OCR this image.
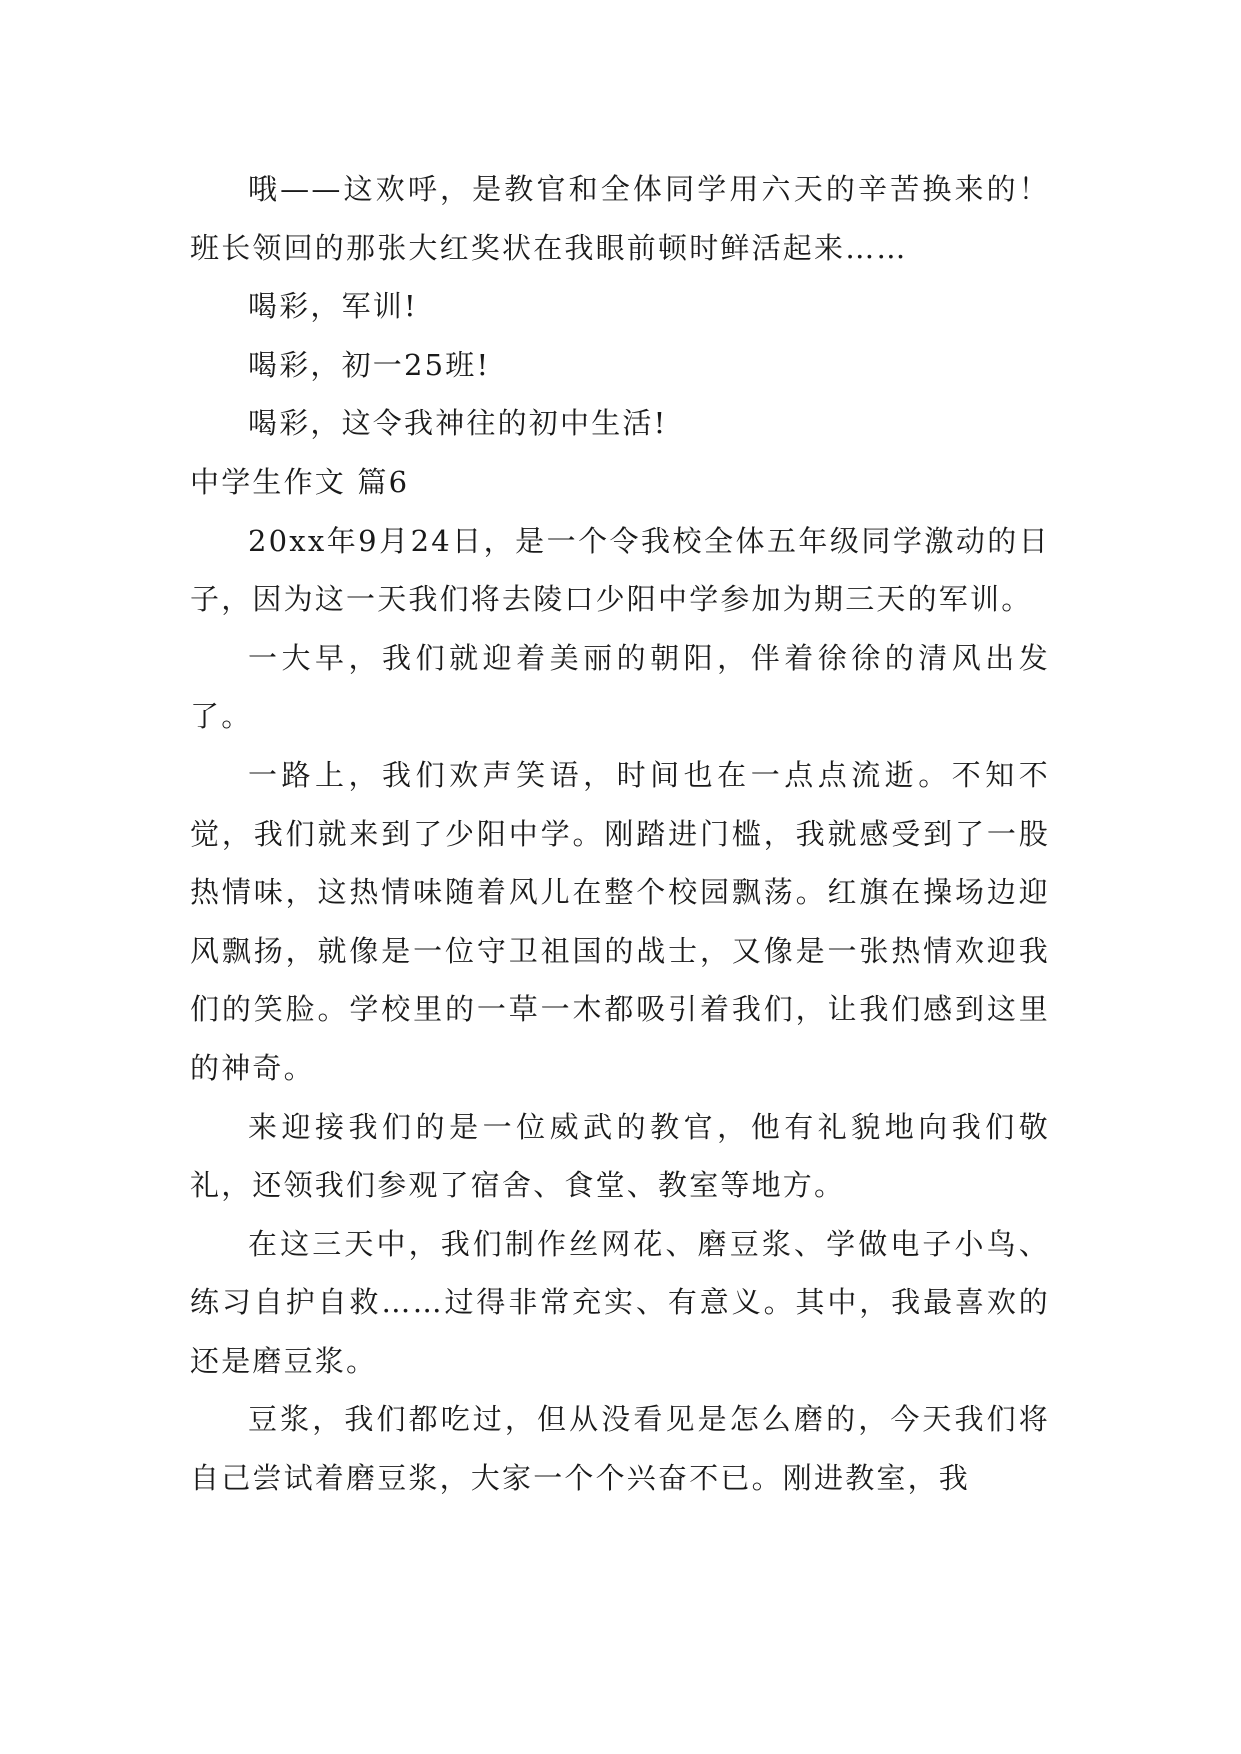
哦——这欢呼，是教官和全体同学用六天的辛苦换来的！班长领回的那张大红奖状在我眼前顿时鲜活起来……

喝彩，军训!

喝彩，初一25班!

喝彩，这令我神往的初中生活!

中学生作文 篇6

20xx年9月24日，是一个令我校全体五年级同学激动的日子，因为这一天我们将去陵口少阳中学参加为期三天的军训。

一大早，我们就迎着美丽的朝阳，伴着徐徐的清风出发了。

一路上，我们欢声笑语，时间也在一点点流逝。不知不觉，我们就来到了少阳中学。刚踏进门槛，我就感受到了一股热情味，这热情味随着风儿在整个校园飘荡。红旗在操场边迎风飘扬，就像是一位守卫祖国的战士，又像是一张热情欢迎我们的笑脸。学校里的一草一木都吸引着我们，让我们感到这里的神奇。

来迎接我们的是一位威武的教官，他有礼貌地向我们敬礼，还领我们参观了宿舍、食堂、教室等地方。

在这三天中，我们制作丝网花、磨豆浆、学做电子小鸟、练习自护自救……过得非常充实、有意义。其中，我最喜欢的还是磨豆浆。

豆浆，我们都吃过，但从没看见是怎么磨的，今天我们将自己尝试着磨豆浆，大家一个个兴奋不已。刚进教室，我
